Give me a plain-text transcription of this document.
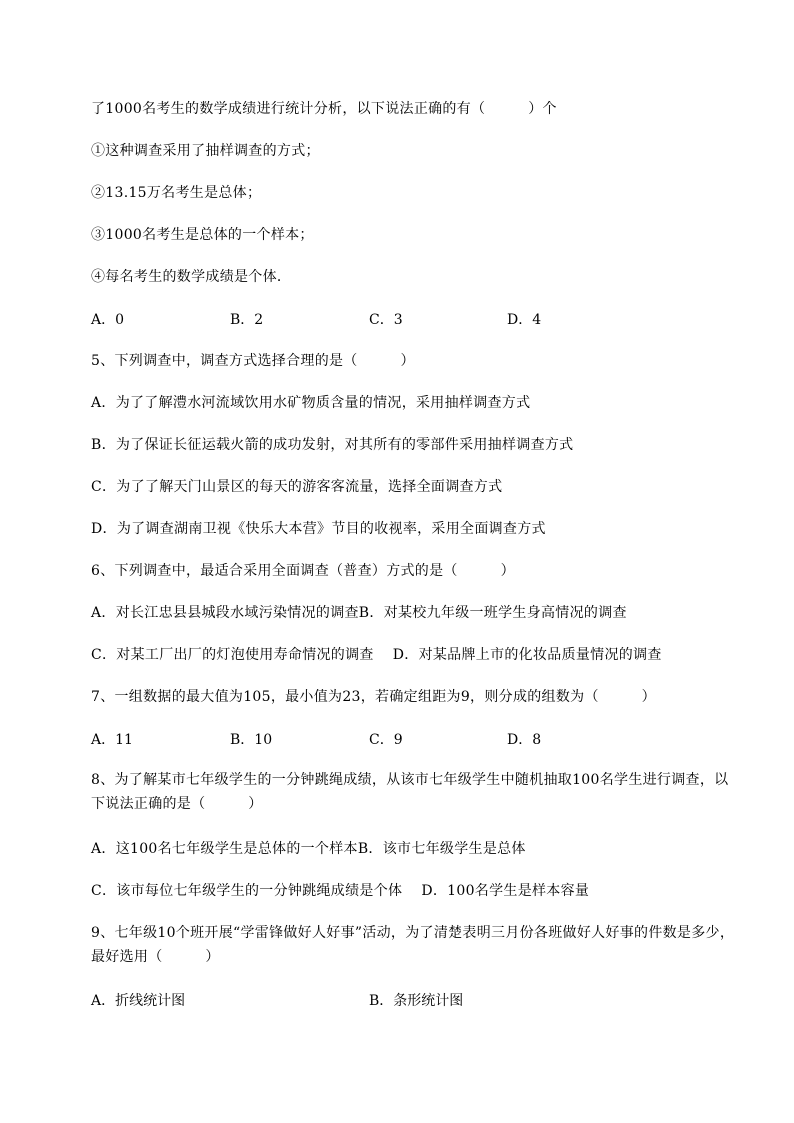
了1000名考生的数学成绩进行统计分析，以下说法正确的有（　　　）个
①这种调查采用了抽样调查的方式；
②13.15万名考生是总体；
③1000名考生是总体的一个样本；
④每名考生的数学成绩是个体．
A．0	B．2	C．3	D．4
5、下列调查中，调查方式选择合理的是（　　　）
A．为了了解澧水河流域饮用水矿物质含量的情况，采用抽样调查方式
B．为了保证长征运载火箭的成功发射，对其所有的零部件采用抽样调查方式
C．为了了解天门山景区的每天的游客客流量，选择全面调查方式
D．为了调查湖南卫视《快乐大本营》节目的收视率，采用全面调查方式
6、下列调查中，最适合采用全面调查（普查）方式的是（　　　）
A．对长江忠县县城段水域污染情况的调查B．对某校九年级一班学生身高情况的调查
C．对某工厂出厂的灯泡使用寿命情况的调查　 D．对某品牌上市的化妆品质量情况的调查
7、一组数据的最大值为105，最小值为23，若确定组距为9，则分成的组数为（　　　）
A．11	B．10	C．9	D．8
8、为了解某市七年级学生的一分钟跳绳成绩，从该市七年级学生中随机抽取100名学生进行调查，以下说法正确的是（　　　）
A．这100名七年级学生是总体的一个样本B．该市七年级学生是总体
C．该市每位七年级学生的一分钟跳绳成绩是个体　 D．100名学生是样本容量
9、七年级10个班开展“学雷锋做好人好事”活动，为了清楚表明三月份各班做好人好事的件数是多少，最好选用（　　　）
A．折线统计图	B．条形统计图
